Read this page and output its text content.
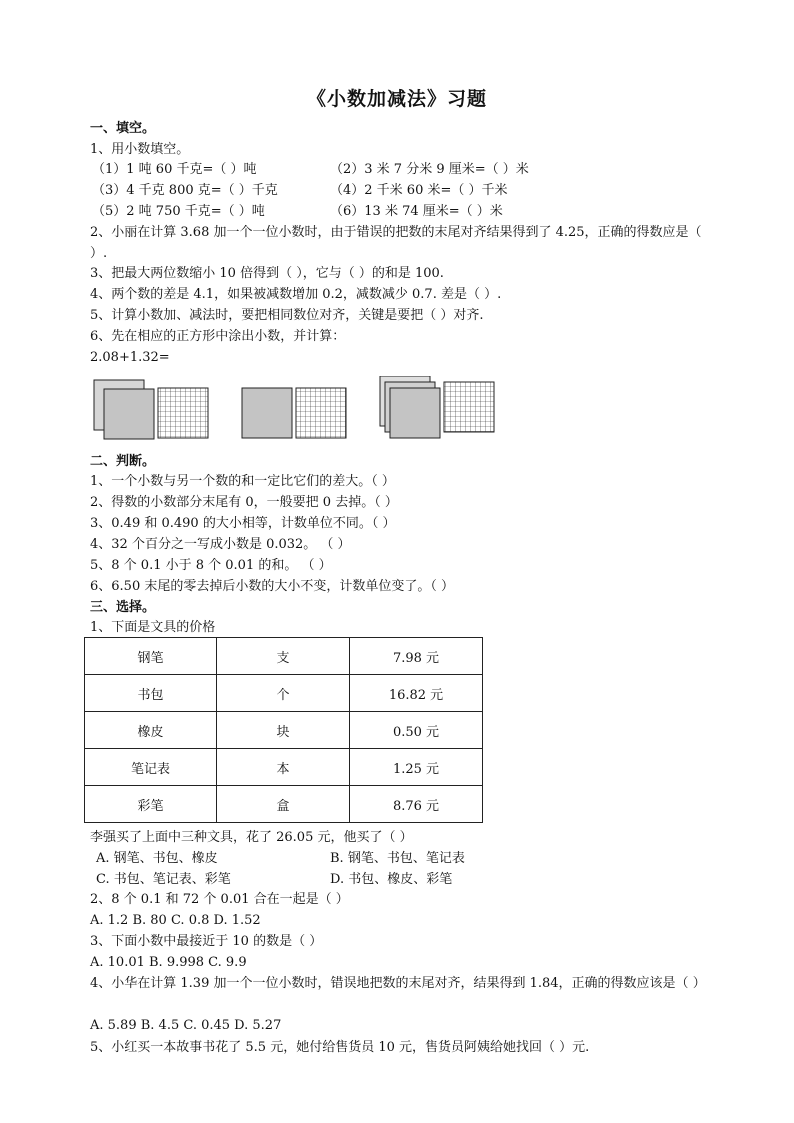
《小数加减法》习题
一、填空。
1、用小数填空。
（1）1 吨 60 千克=（ ）吨	（2）3 米 7 分米 9 厘米=（ ）米
（3）4 千克 800 克=（ ）千克	（4）2 千米 60 米=（ ）千米
（5）2 吨 750 千克=（ ）吨	（6）13 米 74 厘米=（ ）米
2、小丽在计算 3.68 加一个一位小数时，由于错误的把数的末尾对齐结果得到了 4.25，正确的得数应是（ ）.
3、把最大两位数缩小 10 倍得到（ ），它与（ ）的和是 100.
4、两个数的差是 4.1，如果被减数增加 0.2，减数减少 0.7. 差是（ ）.
5、计算小数加、减法时，要把相同数位对齐，关键是要把（ ）对齐.
6、先在相应的正方形中涂出小数，并计算：
2.08+1.32=
二、判断。
1、一个小数与另一个数的和一定比它们的差大。（ ）
2、得数的小数部分末尾有 0，一般要把 0 去掉。（ ）
3、0.49 和 0.490 的大小相等，计数单位不同。（ ）
4、32 个百分之一写成小数是 0.032。 （ ）
5、8 个 0.1 小于 8 个 0.01 的和。 （ ）
6、6.50 末尾的零去掉后小数的大小不变，计数单位变了。（ ）
三、选择。
1、下面是文具的价格
钢笔	支	7.98 元
书包	个	16.82 元
橡皮	块	0.50 元
笔记表	本	1.25 元
彩笔	盒	8.76 元
李强买了上面中三种文具，花了 26.05 元，他买了（ ）
A. 钢笔、书包、橡皮	B. 钢笔、书包、笔记表
C. 书包、笔记表、彩笔	D. 书包、橡皮、彩笔
2、8 个 0.1 和 72 个 0.01 合在一起是（ ）
A. 1.2 B. 80 C. 0.8 D. 1.52
3、下面小数中最接近于 10 的数是（ ）
A. 10.01 B. 9.998 C. 9.9
4、小华在计算 1.39 加一个一位小数时，错误地把数的末尾对齐，结果得到 1.84，正确的得数应该是（ ）
A. 5.89 B. 4.5 C. 0.45 D. 5.27
5、小红买一本故事书花了 5.5 元，她付给售货员 10 元，售货员阿姨给她找回（ ）元.
